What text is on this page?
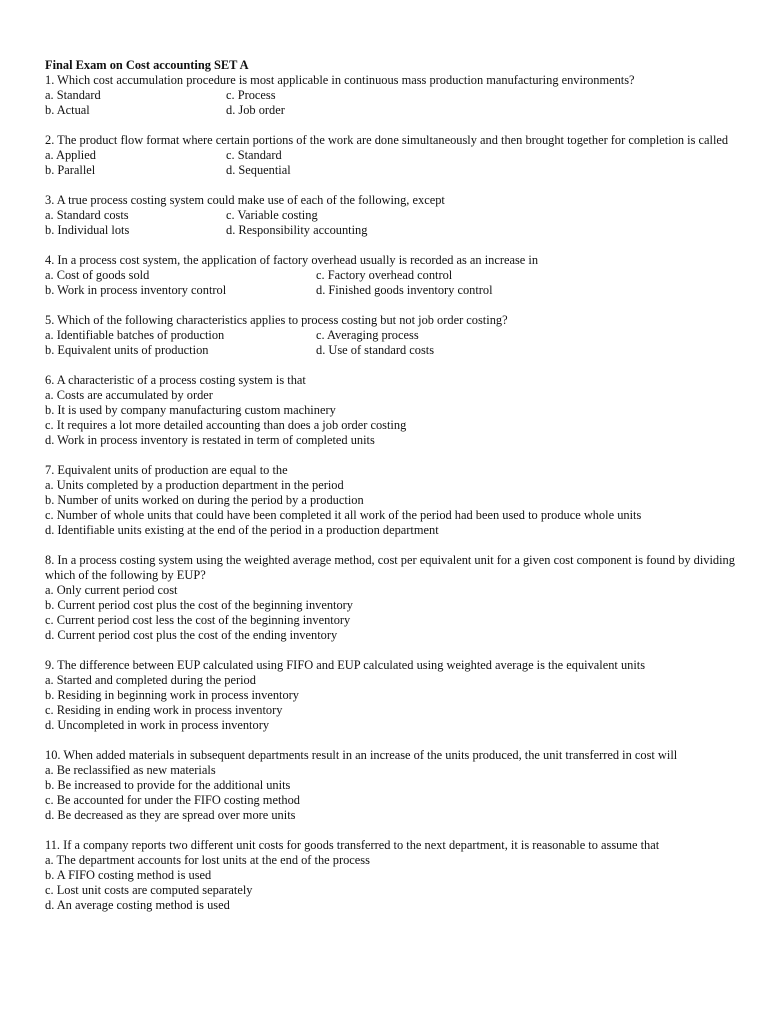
Final Exam on Cost accounting SET A
1. Which cost accumulation procedure is most applicable in continuous mass production manufacturing environments?
a. Standard	c. Process
b. Actual	d. Job order
2. The product flow format where certain portions of the work are done simultaneously and then brought together for completion is called
a. Applied	c. Standard
b. Parallel	d. Sequential
3. A true process costing system could make use of each of the following, except
a. Standard costs	c. Variable costing
b. Individual lots	d. Responsibility accounting
4. In a process cost system, the application of factory overhead usually is recorded as an increase in
a. Cost of goods sold	c. Factory overhead control
b. Work in process inventory control	d. Finished goods inventory control
5. Which of the following characteristics applies to process costing but not job order costing?
a. Identifiable batches of production	c. Averaging process
b. Equivalent units of production	d. Use of standard costs
6. A characteristic of a process costing system is that
a. Costs are accumulated by order
b. It is used by company manufacturing custom machinery
c. It requires a lot more detailed accounting than does a job order costing
d. Work in process inventory is restated in term of completed units
7. Equivalent units of production are equal to the
a. Units completed by a production department in the period
b. Number of units worked on during the period by a production
c. Number of whole units that could have been completed it all work of the period had been used to produce whole units
d. Identifiable units existing at the end of the period in a production department
8. In a process costing system using the weighted average method, cost per equivalent unit for a given cost component is found by dividing which of the following by EUP?
a. Only current period cost
b. Current period cost plus the cost of the beginning inventory
c. Current period cost less the cost of the beginning inventory
d. Current period cost plus the cost of the ending inventory
9. The difference between EUP calculated using FIFO and EUP calculated using weighted average is the equivalent units
a. Started and completed during the period
b. Residing in beginning work in process inventory
c. Residing in ending work in process inventory
d. Uncompleted in work in process inventory
10. When added materials in subsequent departments result in an increase of the units produced, the unit transferred in cost will
a. Be reclassified as new materials
b. Be increased to provide for the additional units
c. Be accounted for under the FIFO costing method
d. Be decreased as they are spread over more units
11. If a company reports two different unit costs for goods transferred to the next department, it is reasonable to assume that
a. The department accounts for lost units at the end of the process
b. A FIFO costing method is used
c. Lost unit costs are computed separately
d. An average costing method is used
